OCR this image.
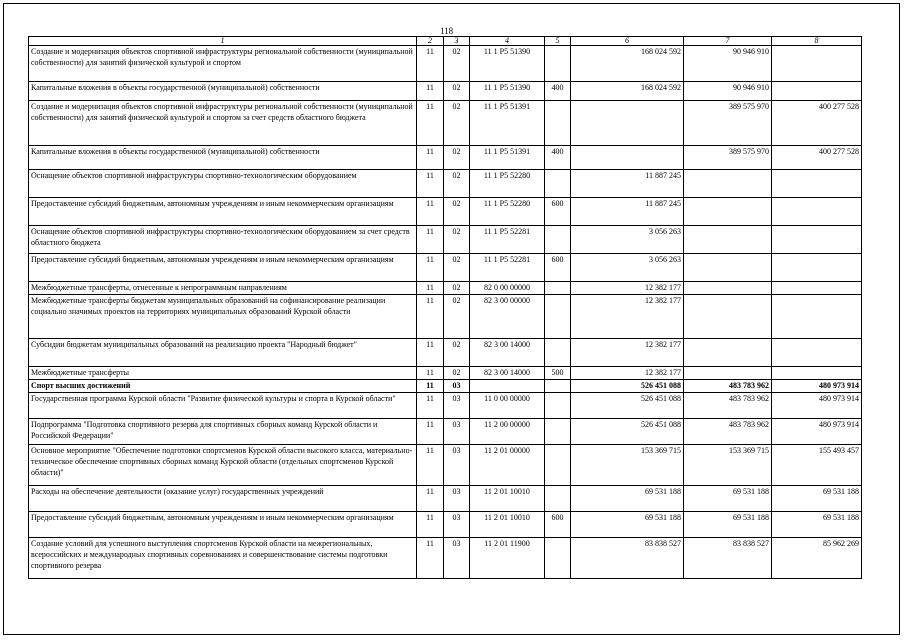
118
1	2	3	4	5	6	7	8
Создание и модернизация объектов спортивной инфраструктуры региональной собственности (муниципальной собственности) для занятий физической культурой и спортом	11	02	11 1 P5 51390		168 024 592	90 946 910	
Капитальные вложения в объекты государственной (муниципальной) собственности	11	02	11 1 P5 51390	400	168 024 592	90 946 910	
Создание и модернизация объектов спортивной инфраструктуры региональной собственности (муниципальной собственности) для занятий физической культурой и спортом за счет средств областного бюджета	11	02	11 1 P5 51391			389 575 970	400 277 528
Капитальные вложения в объекты государственной (муниципальной) собственности	11	02	11 1 P5 51391	400		389 575 970	400 277 528
Оснащение объектов спортивной инфраструктуры спортивно-технологическим оборудованием	11	02	11 1 P5 52280		11 887 245		
Предоставление субсидий бюджетным, автономным учреждениям и иным некоммерческим организациям	11	02	11 1 P5 52280	600	11 887 245		
Оснащение объектов спортивной инфраструктуры спортивно-технологическим оборудованием за счет средств областного бюджета	11	02	11 1 P5 52281		3 056 263		
Предоставление субсидий бюджетным, автономным учреждениям и иным некоммерческим организациям	11	02	11 1 P5 52281	600	3 056 263		
Межбюджетные трансферты, отнесенные к непрограммным направлениям	11	02	82 0 00 00000		12 382 177		
Межбюджетные трансферты бюджетам муниципальных образований на софинансирование реализации социально значимых проектов на территориях муниципальных образований Курской области	11	02	82 3 00 00000		12 382 177		
Субсидии бюджетам муниципальных образований на реализацию проекта "Народный бюджет"	11	02	82 3 00 14000		12 382 177		
Межбюджетные трансферты	11	02	82 3 00 14000	500	12 382 177		
Спорт высших достижений	11	03			526 451 088	483 783 962	480 973 914
Государственная программа Курской области "Развитие физической культуры и спорта в Курской области"	11	03	11 0 00 00000		526 451 088	483 783 962	480 973 914
Подпрограмма "Подготовка спортивного резерва для спортивных сборных команд Курской области и Российской Федерации"	11	03	11 2 00 00000		526 451 088	483 783 962	480 973 914
Основное мероприятие "Обеспечение подготовки спортсменов Курской области высокого класса, материально-техническое обеспечение спортивных сборных команд Курской области (отдельных спортсменов Курской области)"	11	03	11 2 01 00000		153 369 715	153 369 715	155 493 457
Расходы на обеспечение деятельности (оказание услуг) государственных учреждений	11	03	11 2 01 10010		69 531 188	69 531 188	69 531 188
Предоставление субсидий бюджетным, автономным учреждениям и иным некоммерческим организациям	11	03	11 2 01 10010	600	69 531 188	69 531 188	69 531 188
Создание условий для успешного выступления спортсменов Курской области на межрегиональных, всероссийских и международных спортивных соревнованиях и совершенствование системы подготовки спортивного резерва	11	03	11 2 01 11900		83 838 527	83 838 527	85 962 269
